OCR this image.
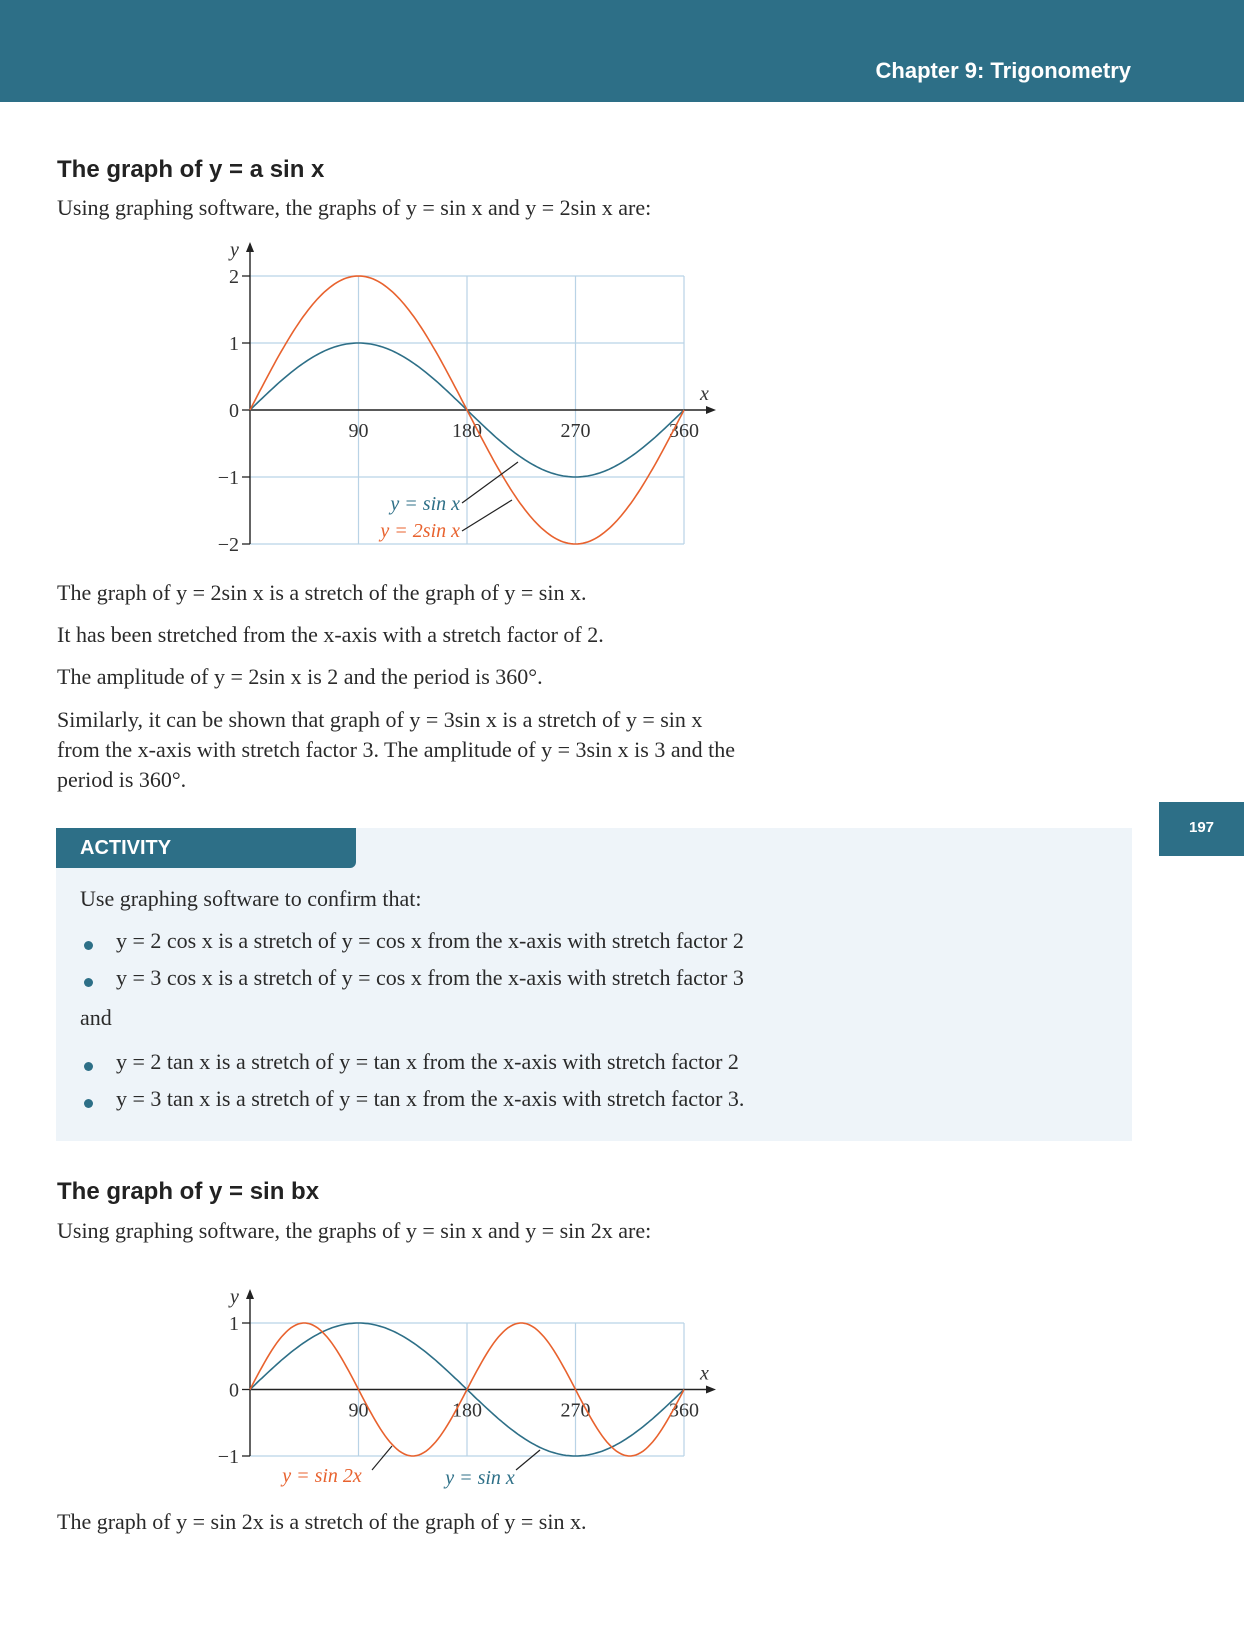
Chapter 9: Trigonometry
197
The graph of y = a sin x
Using graphing software, the graphs of y = sin x and y = 2sin x are:
y
x
2
1
0
−1
−2
90	180	270	360
y = sin x
y = 2sin x
The graph of y = 2sin x is a stretch of the graph of y = sin x.
It has been stretched from the x-axis with a stretch factor of 2.
The amplitude of y = 2sin x is 2 and the period is 360°.
Similarly, it can be shown that graph of y = 3sin x is a stretch of y = sin x
from the x-axis with stretch factor 3. The amplitude of y = 3sin x is 3 and the
period is 360°.
ACTIVITY
Use graphing software to confirm that:
y = 2 cos x is a stretch of y = cos x from the x-axis with stretch factor 2
y = 3 cos x is a stretch of y = cos x from the x-axis with stretch factor 3
and
y = 2 tan x is a stretch of y = tan x from the x-axis with stretch factor 2
y = 3 tan x is a stretch of y = tan x from the x-axis with stretch factor 3.
The graph of y = sin bx
Using graphing software, the graphs of y = sin x and y = sin 2x are:
y
x
1
0
−1
90	180	270	360
y = sin 2x	y = sin x
The graph of y = sin 2x is a stretch of the graph of y = sin x.
